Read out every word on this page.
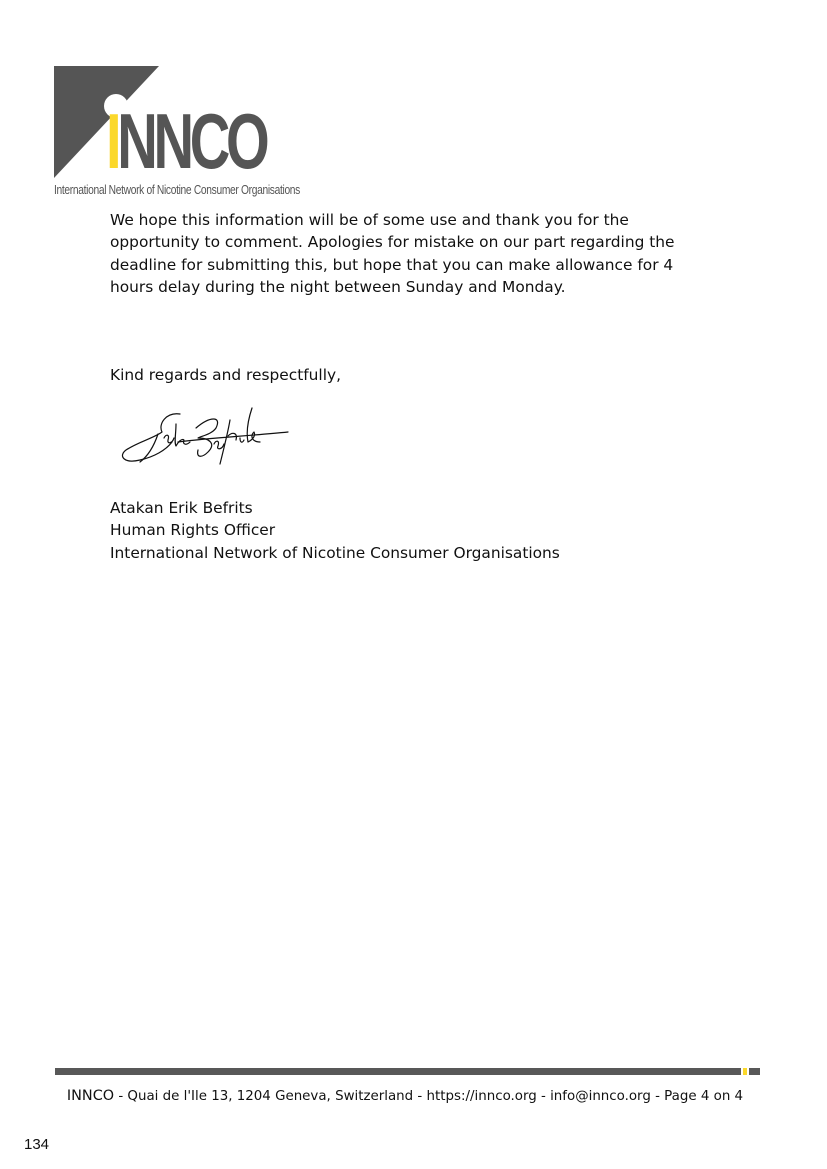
INNCO
International Network of Nicotine Consumer Organisations
We hope this information will be of some use and thank you for the opportunity to comment. Apologies for mistake on our part regarding the deadline for submitting this, but hope that you can make allowance for 4 hours delay during the night between Sunday and Monday.
Kind regards and respectfully,
Atakan Erik Befrits
Human Rights Officer
International Network of Nicotine Consumer Organisations
INNCO - Quai de l'Ile 13, 1204 Geneva, Switzerland - https://innco.org - info@innco.org - Page 4 on 4
134
